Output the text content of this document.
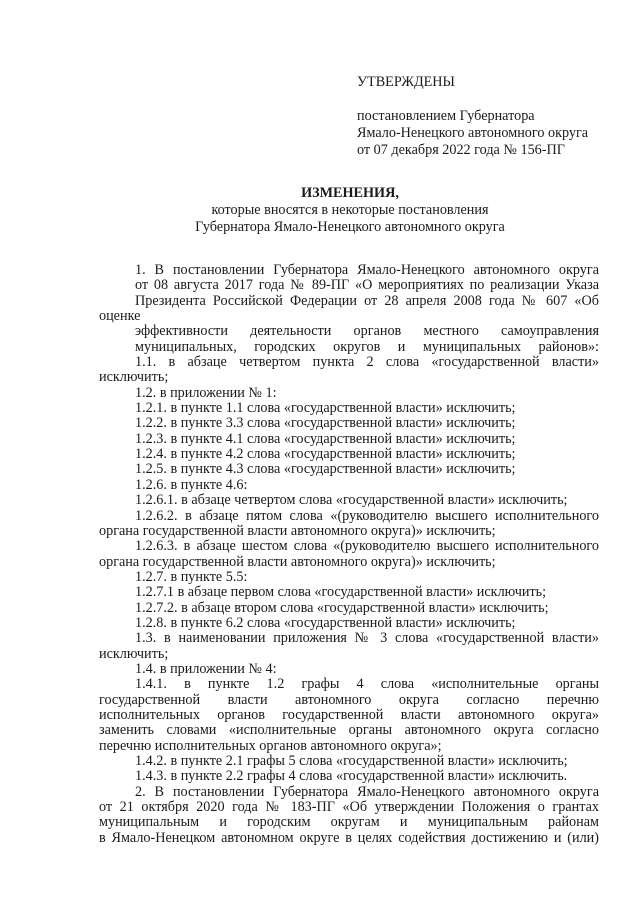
УТВЕРЖДЕНЫ
постановлением Губернатора
Ямало-Ненецкого автономного округа
от 07 декабря 2022 года № 156-ПГ
ИЗМЕНЕНИЯ,
которые вносятся в некоторые постановления
Губернатора Ямало-Ненецкого автономного округа

1. В постановлении Губернатора Ямало-Ненецкого автономного округа
от 08 августа 2017 года № 89-ПГ «О мероприятиях по реализации Указа
Президента Российской Федерации от 28 апреля 2008 года № 607 «Об оценке
эффективности деятельности органов местного самоуправления
муниципальных, городских округов и муниципальных районов»:

1.1. в абзаце четвертом пункта 2 слова «государственной власти»
исключить;

1.2. в приложении № 1:

1.2.1. в пункте 1.1 слова «государственной власти» исключить;

1.2.2. в пункте 3.3 слова «государственной власти» исключить;

1.2.3. в пункте 4.1 слова «государственной власти» исключить;

1.2.4. в пункте 4.2 слова «государственной власти» исключить;

1.2.5. в пункте 4.3 слова «государственной власти» исключить;

1.2.6. в пункте 4.6:

1.2.6.1. в абзаце четвертом слова «государственной власти» исключить;

1.2.6.2. в абзаце пятом слова «(руководителю высшего исполнительного
органа государственной власти автономного округа)» исключить;

1.2.6.3. в абзаце шестом слова «(руководителю высшего исполнительного
органа государственной власти автономного округа)» исключить;

1.2.7. в пункте 5.5:

1.2.7.1 в абзаце первом слова «государственной власти» исключить;

1.2.7.2. в абзаце втором слова «государственной власти» исключить;

1.2.8. в пункте 6.2 слова «государственной власти» исключить;

1.3. в наименовании приложения № 3 слова «государственной власти»
исключить;

1.4. в приложении № 4:

1.4.1. в пункте 1.2 графы 4 слова «исполнительные органы
государственной власти автономного округа согласно перечню
исполнительных органов государственной власти автономного округа»
заменить словами «исполнительные органы автономного округа согласно
перечню исполнительных органов автономного округа»;

1.4.2. в пункте 2.1 графы 5 слова «государственной власти» исключить;

1.4.3. в пункте 2.2 графы 4 слова «государственной власти» исключить.

2. В постановлении Губернатора Ямало-Ненецкого автономного округа
от 21 октября 2020 года № 183-ПГ «Об утверждении Положения о грантах
муниципальным и городским округам и муниципальным районам
в Ямало-Ненецком автономном округе в целях содействия достижению и (или)
